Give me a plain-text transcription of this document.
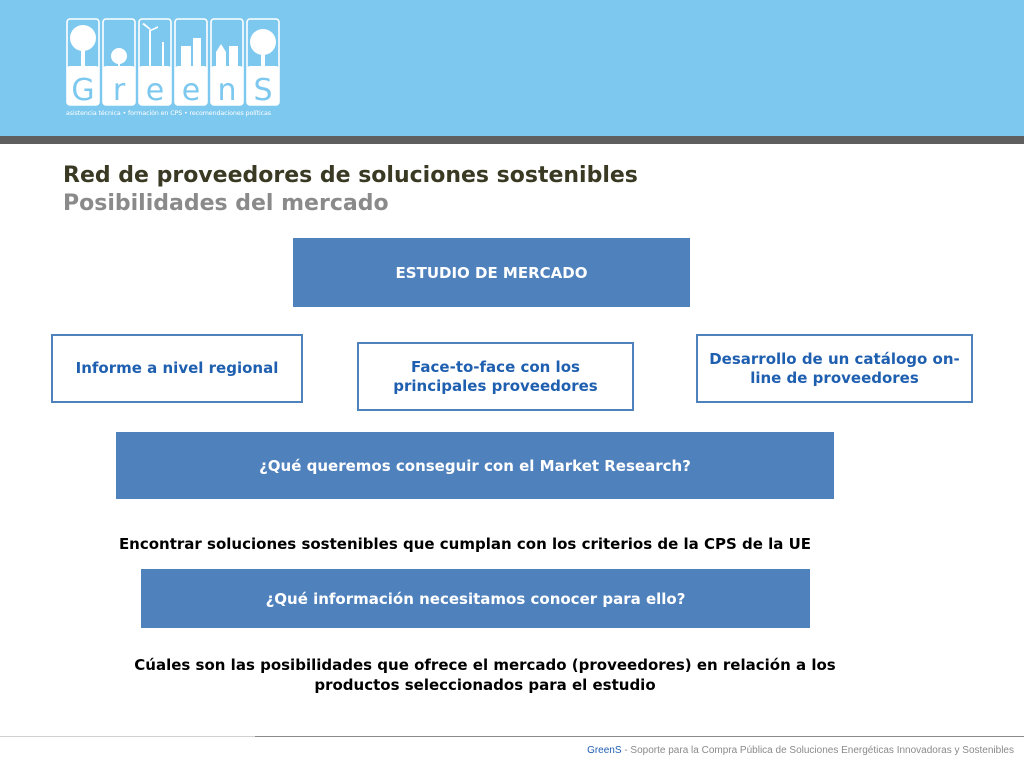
G r e e n S
asistencia técnica • formación en CPS • recomendaciones políticas
Red de proveedores de soluciones sostenibles
Posibilidades del mercado
ESTUDIO DE MERCADO
Informe a nivel regional	Face-to-face con los principales proveedores
Desarrollo de un catálogo on-line de proveedores
¿Qué queremos conseguir con el Market Research?
Encontrar soluciones sostenibles que cumplan con los criterios de la CPS de la UE
¿Qué información necesitamos conocer para ello?
Cúales son las posibilidades que ofrece el mercado (proveedores) en relación a los productos seleccionados para el estudio
GreenS - Soporte para la Compra Pública de Soluciones Energéticas Innovadoras y Sostenibles
